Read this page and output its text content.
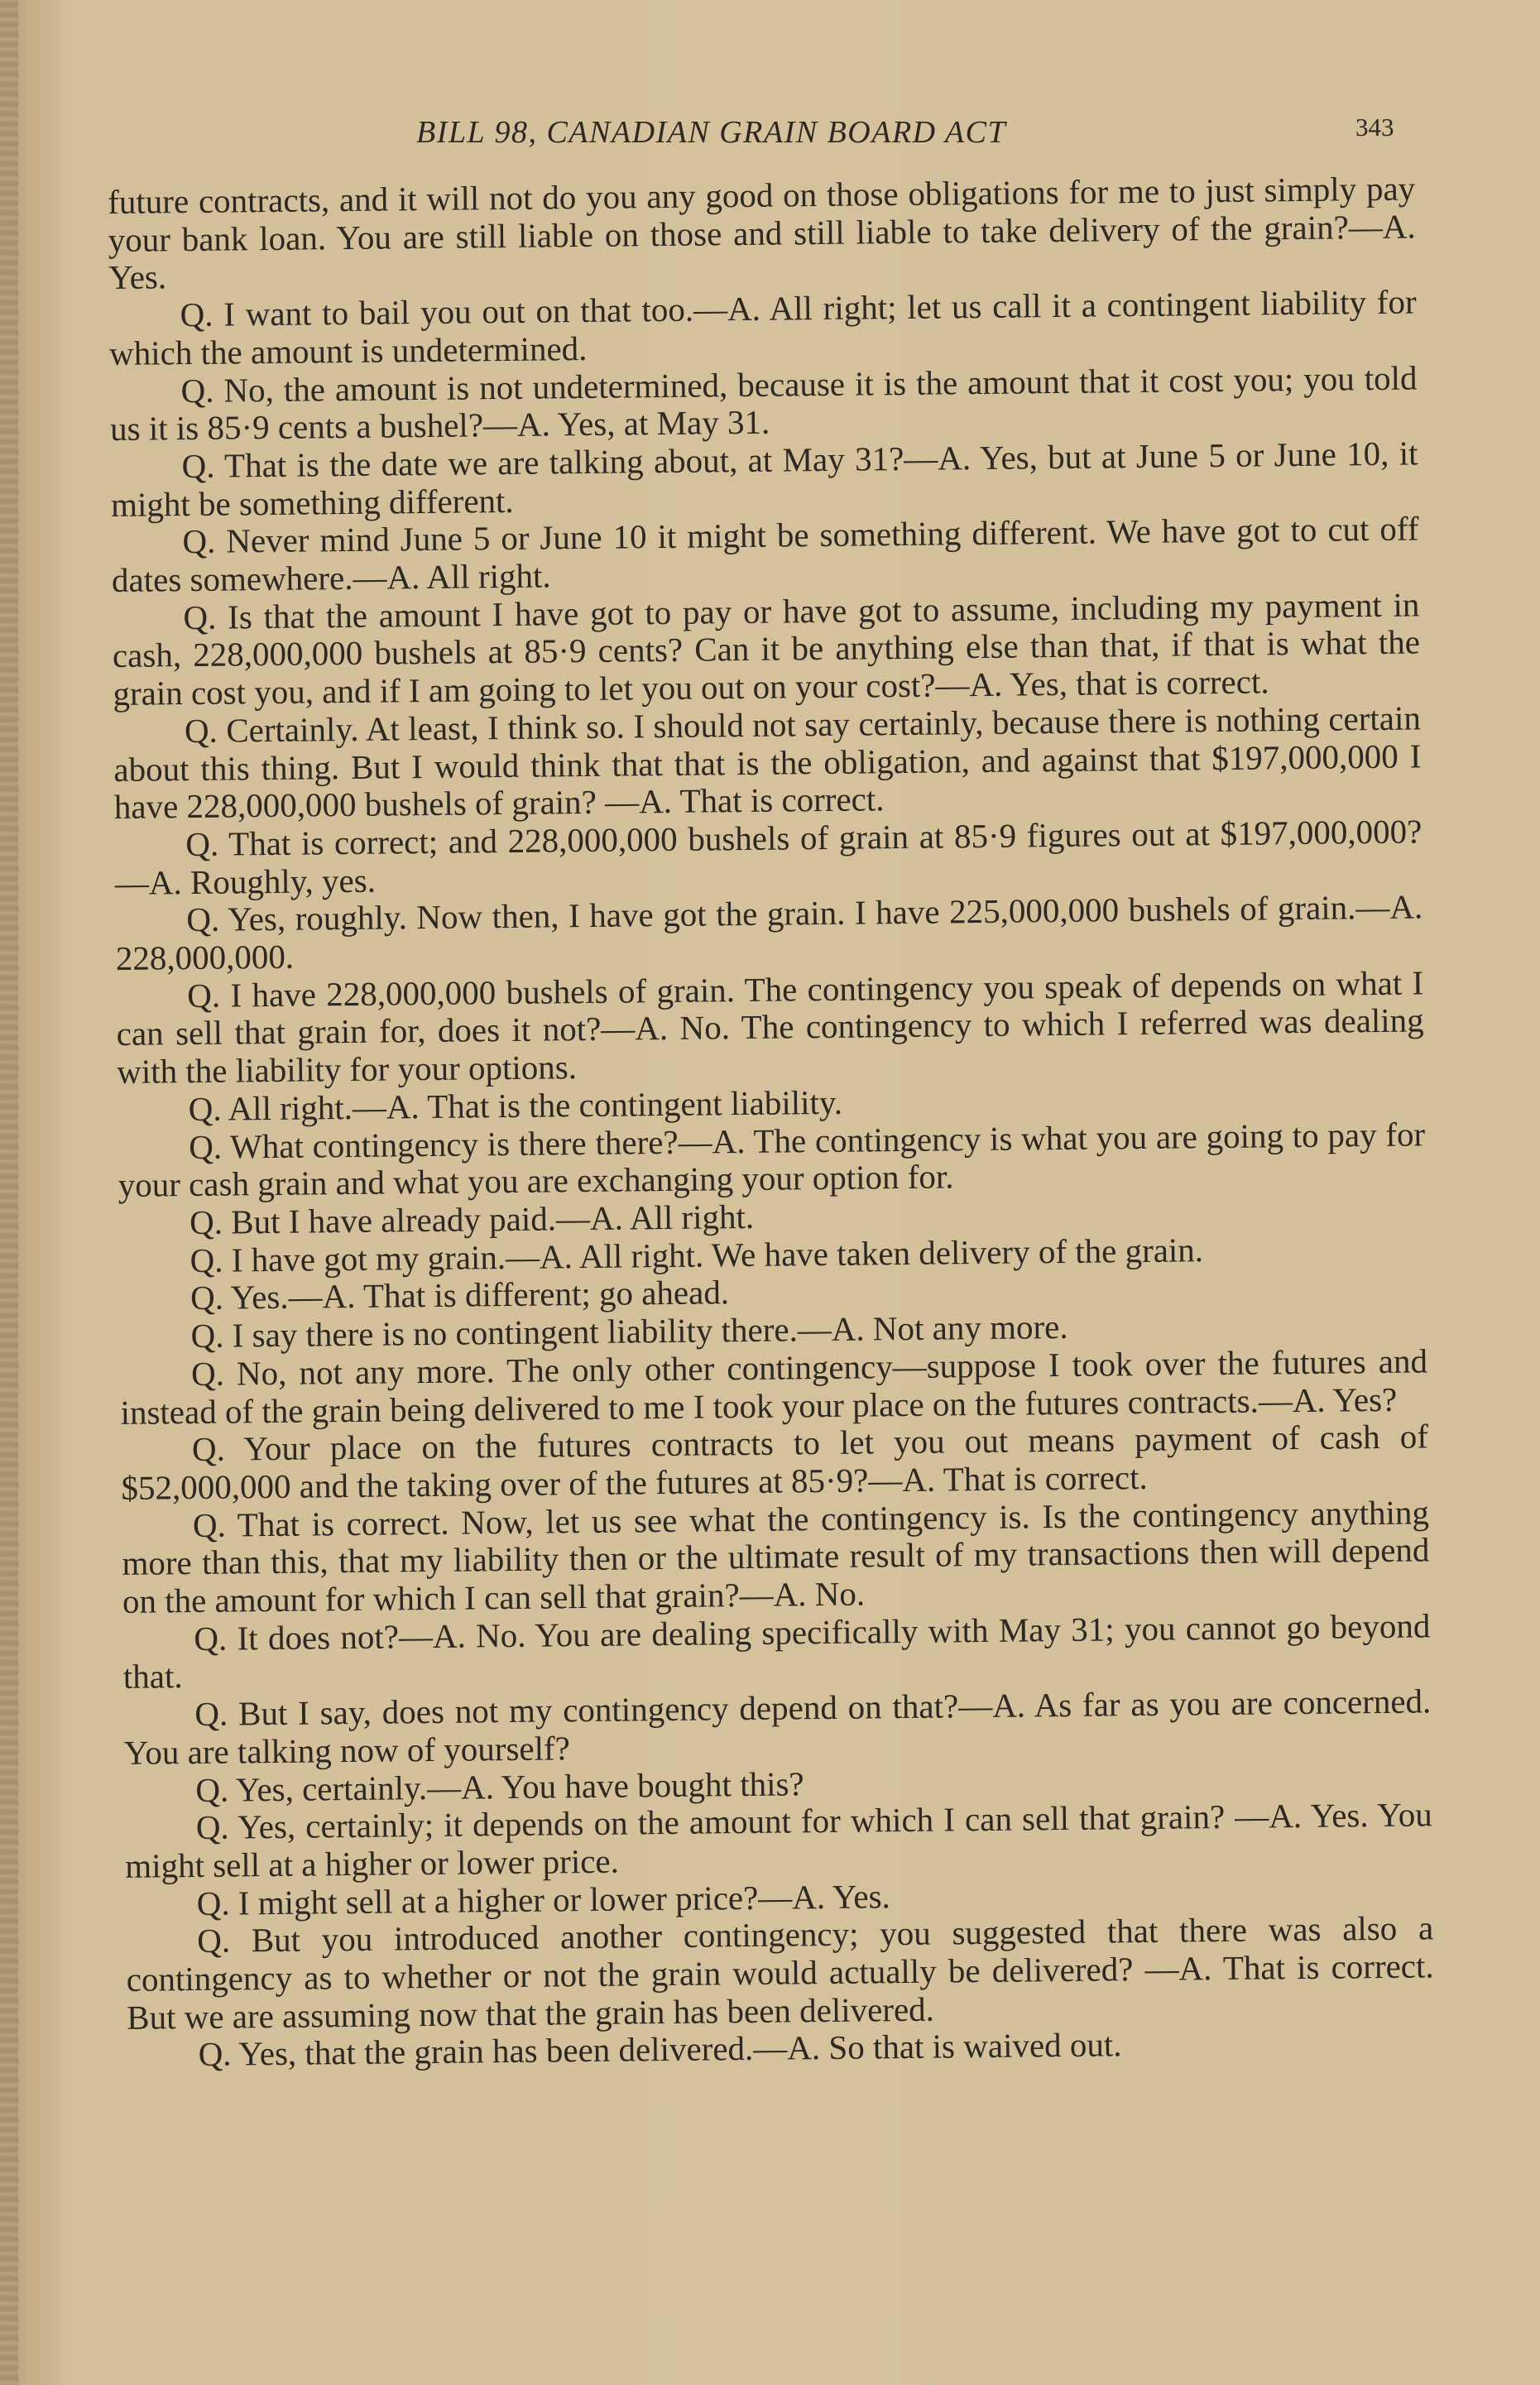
BILL 98, CANADIAN GRAIN BOARD ACT	343

future contracts, and it will not do you any good on those obligations for me to just simply pay your bank loan. You are still liable on those and still liable to take delivery of the grain?—A. Yes.

Q. I want to bail you out on that too.—A. All right; let us call it a contingent liability for which the amount is undetermined.

Q. No, the amount is not undetermined, because it is the amount that it cost you; you told us it is 85·9 cents a bushel?—A. Yes, at May 31.

Q. That is the date we are talking about, at May 31?—A. Yes, but at June 5 or June 10, it might be something different.

Q. Never mind June 5 or June 10 it might be something different. We have got to cut off dates somewhere.—A. All right.

Q. Is that the amount I have got to pay or have got to assume, including my payment in cash, 228,000,000 bushels at 85·9 cents? Can it be anything else than that, if that is what the grain cost you, and if I am going to let you out on your cost?—A. Yes, that is correct.

Q. Certainly. At least, I think so. I should not say certainly, because there is nothing certain about this thing. But I would think that that is the obligation, and against that $197,000,000 I have 228,000,000 bushels of grain? —A. That is correct.

Q. That is correct; and 228,000,000 bushels of grain at 85·9 figures out at $197,000,000?—A. Roughly, yes.

Q. Yes, roughly. Now then, I have got the grain. I have 225,000,000 bushels of grain.—A. 228,000,000.

Q. I have 228,000,000 bushels of grain. The contingency you speak of depends on what I can sell that grain for, does it not?—A. No. The contingency to which I referred was dealing with the liability for your options.

Q. All right.—A. That is the contingent liability.

Q. What contingency is there there?—A. The contingency is what you are going to pay for your cash grain and what you are exchanging your option for.

Q. But I have already paid.—A. All right.

Q. I have got my grain.—A. All right. We have taken delivery of the grain.

Q. Yes.—A. That is different; go ahead.

Q. I say there is no contingent liability there.—A. Not any more.

Q. No, not any more. The only other contingency—suppose I took over the futures and instead of the grain being delivered to me I took your place on the futures contracts.—A. Yes?

Q. Your place on the futures contracts to let you out means payment of cash of $52,000,000 and the taking over of the futures at 85·9?—A. That is correct.

Q. That is correct. Now, let us see what the contingency is. Is the contingency anything more than this, that my liability then or the ultimate result of my transactions then will depend on the amount for which I can sell that grain?—A. No.

Q. It does not?—A. No. You are dealing specifically with May 31; you cannot go beyond that.

Q. But I say, does not my contingency depend on that?—A. As far as you are concerned. You are talking now of yourself?

Q. Yes, certainly.—A. You have bought this?

Q. Yes, certainly; it depends on the amount for which I can sell that grain? —A. Yes. You might sell at a higher or lower price.

Q. I might sell at a higher or lower price?—A. Yes.

Q. But you introduced another contingency; you suggested that there was also a contingency as to whether or not the grain would actually be delivered? —A. That is correct. But we are assuming now that the grain has been delivered.

Q. Yes, that the grain has been delivered.—A. So that is waived out.
